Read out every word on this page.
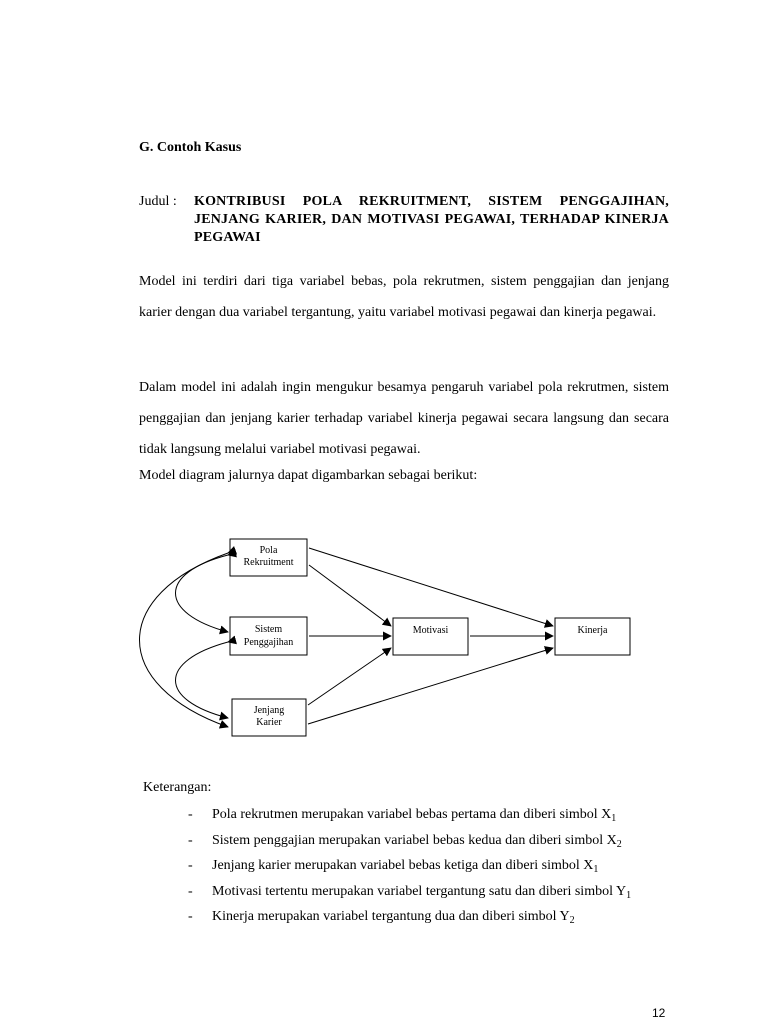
G. Contoh Kasus
Judul : KONTRIBUSI POLA REKRUITMENT, SISTEM PENGGAJIHAN, JENJANG KARIER, DAN MOTIVASI PEGAWAI, TERHADAP KINERJA PEGAWAI

Model ini terdiri dari tiga variabel bebas, pola rekrutmen, sistem penggajian dan jenjang karier dengan dua variabel tergantung, yaitu variabel motivasi pegawai dan kinerja pegawai.

Dalam model ini adalah ingin mengukur besamya pengaruh variabel pola rekrutmen, sistem penggajian dan jenjang karier terhadap variabel kinerja pegawai secara langsung dan secara tidak langsung melalui variabel motivasi pegawai.

Model diagram jalurnya dapat digambarkan sebagai berikut:

Pola
Rekruitment
Sistem
Penggajihan
Jenjang
Karier
Motivasi	Kinerja

Keterangan:

- Pola rekrutmen merupakan variabel bebas pertama dan diberi simbol $X_1$
- Sistem penggajian merupakan variabel bebas kedua dan diberi simbol $X_2$
- Jenjang karier merupakan variabel bebas ketiga dan diberi simbol $X_1$
- Motivasi tertentu merupakan variabel tergantung satu dan diberi simbol $Y_1$
- Kinerja merupakan variabel tergantung dua dan diberi simbol $Y_2$
12
